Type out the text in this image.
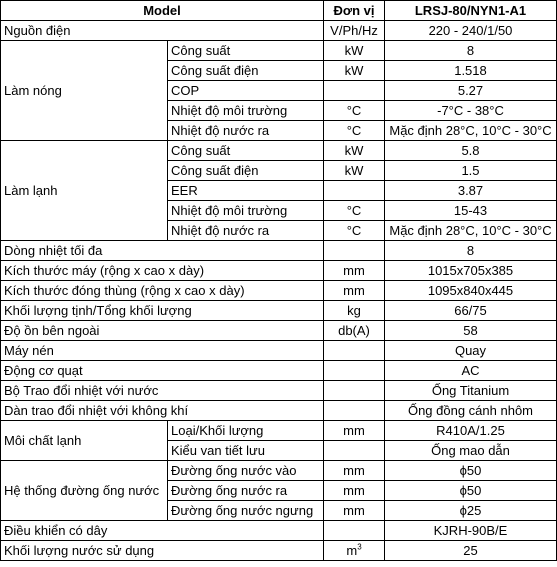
Model		Đơn vị	LRSJ-80/NYN1-A1
Nguồn điện		V/Ph/Hz	220 - 240/1/50
Làm nóng	Công suất	kW	8
	Công suất điện	kW	1.518
	COP		5.27
	Nhiệt độ môi trường	°C	-7°C - 38°C
	Nhiệt độ nước ra	°C	Mặc định 28°C, 10°C - 30°C
Làm lạnh	Công suất	kW	5.8
	Công suất điện	kW	1.5
	EER		3.87
	Nhiệt độ môi trường	°C	15-43
	Nhiệt độ nước ra	°C	Mặc định 28°C, 10°C - 30°C
Dòng nhiệt tối đa			8
Kích thước máy (rộng x cao x dày)		mm	1015x705x385
Kích thước đóng thùng (rộng x cao x dày)		mm	1095x840x445
Khối lượng tịnh/Tổng khối lượng		kg	66/75
Độ ồn bên ngoài		db(A)	58
Máy nén			Quay
Động cơ quạt			AC
Bộ Trao đổi nhiệt với nước			Ống Titanium
Dàn trao đổi nhiệt với không khí			Ống đồng cánh nhôm
Môi chất lạnh	Loại/Khối lượng	mm	R410A/1.25
	Kiểu van tiết lưu		Ống mao dẫn
Hệ thống đường ống nước	Đường ống nước vào	mm	ϕ50
	Đường ống nước ra	mm	ϕ50
	Đường ống nước ngưng	mm	ϕ25
Điều khiển có dây			KJRH-90B/E
Khối lượng nước sử dụng		$m^3$	25
